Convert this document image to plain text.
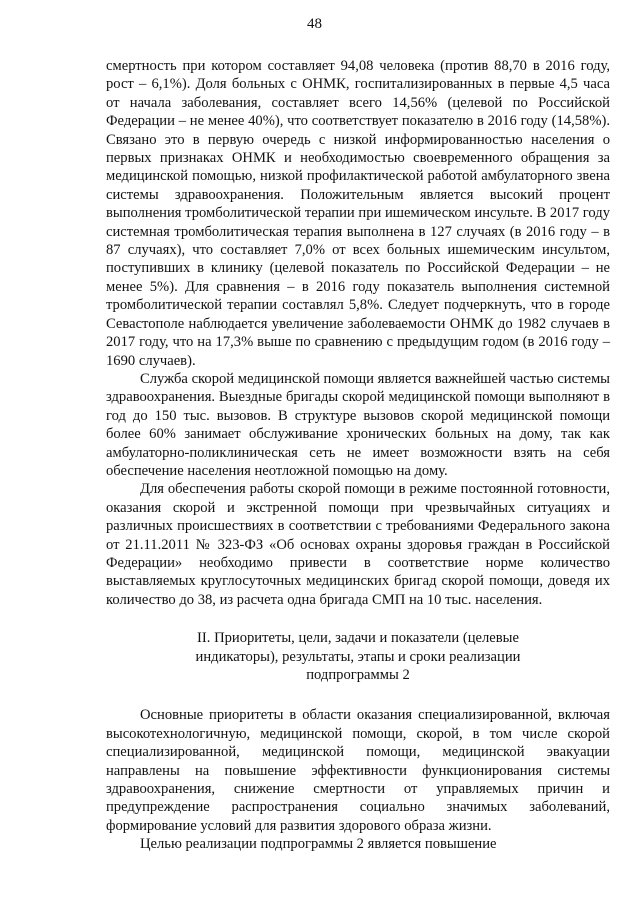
48

смертность при котором составляет 94,08 человека (против 88,70 в 2016 году, рост – 6,1%). Доля больных с ОНМК, госпитализированных в первые 4,5 часа от начала заболевания, составляет всего 14,56% (целевой по Российской Федерации – не менее 40%), что соответствует показателю в 2016 году (14,58%). Связано это в первую очередь с низкой информированностью населения о первых признаках ОНМК и необходимостью своевременного обращения за медицинской помощью, низкой профилактической работой амбулаторного звена системы здравоохранения. Положительным является высокий процент выполнения тромболитической терапии при ишемическом инсульте. В 2017 году системная тромболитическая терапия выполнена в 127 случаях (в 2016 году – в 87 случаях), что составляет 7,0% от всех больных ишемическим инсультом, поступивших в клинику (целевой показатель по Российской Федерации – не менее 5%). Для сравнения – в 2016 году показатель выполнения системной тромболитической терапии составлял 5,8%. Следует подчеркнуть, что в городе Севастополе наблюдается увеличение заболеваемости ОНМК до 1982 случаев в 2017 году, что на 17,3% выше по сравнению с предыдущим годом (в 2016 году – 1690 случаев).

Служба скорой медицинской помощи является важнейшей частью системы здравоохранения. Выездные бригады скорой медицинской помощи выполняют в год до 150 тыс. вызовов. В структуре вызовов скорой медицинской помощи более 60% занимает обслуживание хронических больных на дому, так как амбулаторно-поликлиническая сеть не имеет возможности взять на себя обеспечение населения неотложной помощью на дому.

Для обеспечения работы скорой помощи в режиме постоянной готовности, оказания скорой и экстренной помощи при чрезвычайных ситуациях и различных происшествиях в соответствии с требованиями Федерального закона от 21.11.2011 № 323-ФЗ «Об основах охраны здоровья граждан в Российской Федерации» необходимо привести в соответствие норме количество выставляемых круглосуточных медицинских бригад скорой помощи, доведя их количество до 38, из расчета одна бригада СМП на 10 тыс. населения.

II. Приоритеты, цели, задачи и показатели (целевые индикаторы), результаты, этапы и сроки реализации подпрограммы 2

Основные приоритеты в области оказания специализированной, включая высокотехнологичную, медицинской помощи, скорой, в том числе скорой специализированной, медицинской помощи, медицинской эвакуации направлены на повышение эффективности функционирования системы здравоохранения, снижение смертности от управляемых причин и предупреждение распространения социально значимых заболеваний, формирование условий для развития здорового образа жизни.

Целью реализации подпрограммы 2 является повышение
